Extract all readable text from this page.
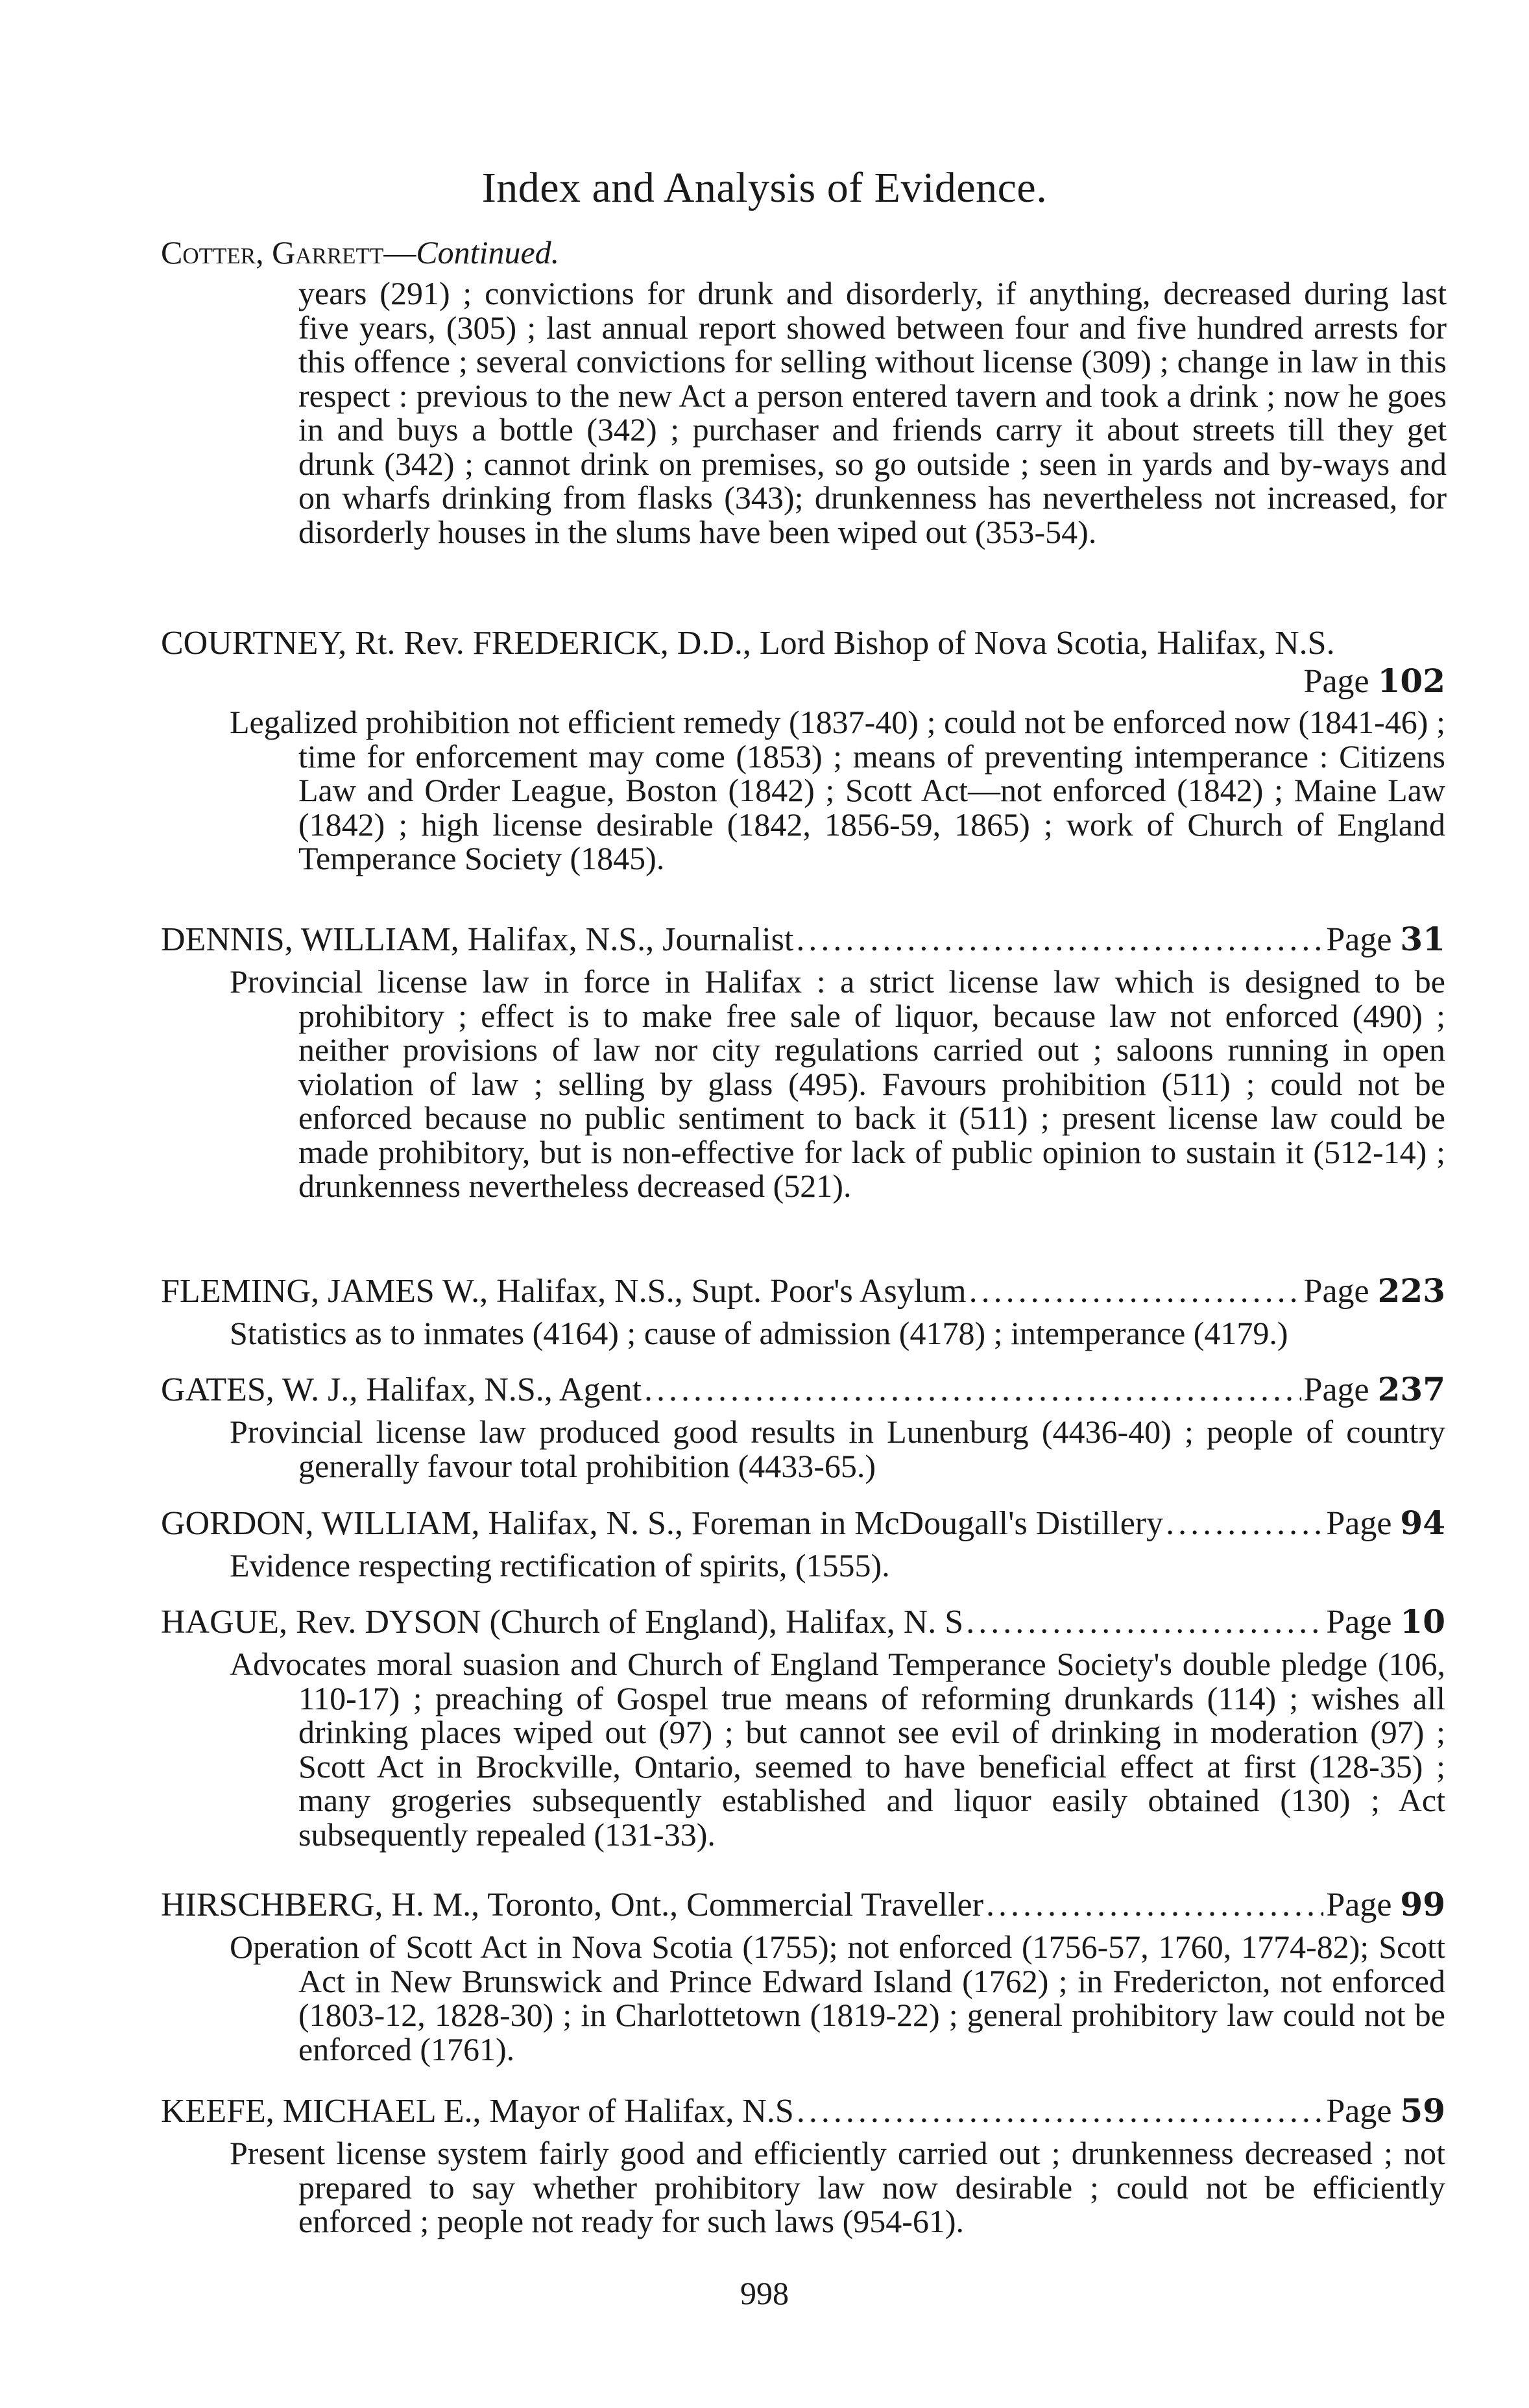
Index and Analysis of Evidence.
Cotter, Garrett—Continued.
years (291) ; convictions for drunk and disorderly, if anything, decreased during last five years, (305) ; last annual report showed between four and five hundred arrests for this offence ; several convictions for selling without license (309) ; change in law in this respect : previous to the new Act a person entered tavern and took a drink ; now he goes in and buys a bottle (342) ; purchaser and friends carry it about streets till they get drunk (342) ; cannot drink on premises, so go outside ; seen in yards and by-ways and on wharfs drinking from flasks (343); drunkenness has nevertheless not increased, for disorderly houses in the slums have been wiped out (353-54).
COURTNEY, Rt. Rev. FREDERICK, D.D., Lord Bishop of Nova Scotia, Halifax, N.S.
Page 102
Legalized prohibition not efficient remedy (1837-40) ; could not be enforced now (1841-46) ; time for enforcement may come (1853) ; means of preventing intemperance : Citizens Law and Order League, Boston (1842) ; Scott Act—not enforced (1842) ; Maine Law (1842) ; high license desirable (1842, 1856-59, 1865) ; work of Church of England Temperance Society (1845).
DENNIS, WILLIAM, Halifax, N.S., Journalist .....	Page 31
Provincial license law in force in Halifax : a strict license law which is designed to be prohibitory ; effect is to make free sale of liquor, because law not enforced (490) ; neither provisions of law nor city regulations carried out ; saloons running in open violation of law ; selling by glass (495). Favours prohibition (511) ; could not be enforced because no public sentiment to back it (511) ; present license law could be made prohibitory, but is non-effective for lack of public opinion to sustain it (512-14) ; drunkenness nevertheless decreased (521).
FLEMING, JAMES W., Halifax, N.S., Supt. Poor's Asylum .....	Page 223
Statistics as to inmates (4164) ; cause of admission (4178) ; intemperance (4179.)
GATES, W. J., Halifax, N.S., Agent .....	Page 237
Provincial license law produced good results in Lunenburg (4436-40) ; people of country generally favour total prohibition (4433-65.)
GORDON, WILLIAM, Halifax, N. S., Foreman in McDougall's Distillery .....	Page 94
Evidence respecting rectification of spirits, (1555).
HAGUE, Rev. DYSON (Church of England), Halifax, N. S .....	Page 10
Advocates moral suasion and Church of England Temperance Society's double pledge (106, 110-17) ; preaching of Gospel true means of reforming drunkards (114) ; wishes all drinking places wiped out (97) ; but cannot see evil of drinking in moderation (97) ; Scott Act in Brockville, Ontario, seemed to have beneficial effect at first (128-35) ; many grogeries subsequently established and liquor easily obtained (130) ; Act subsequently repealed (131-33).
HIRSCHBERG, H. M., Toronto, Ont., Commercial Traveller .....	Page 99
Operation of Scott Act in Nova Scotia (1755); not enforced (1756-57, 1760, 1774-82); Scott Act in New Brunswick and Prince Edward Island (1762) ; in Fredericton, not enforced (1803-12, 1828-30) ; in Charlottetown (1819-22) ; general prohibitory law could not be enforced (1761).
KEEFE, MICHAEL E., Mayor of Halifax, N.S .....	Page 59
Present license system fairly good and efficiently carried out ; drunkenness decreased ; not prepared to say whether prohibitory law now desirable ; could not be efficiently enforced ; people not ready for such laws (954-61).
998
